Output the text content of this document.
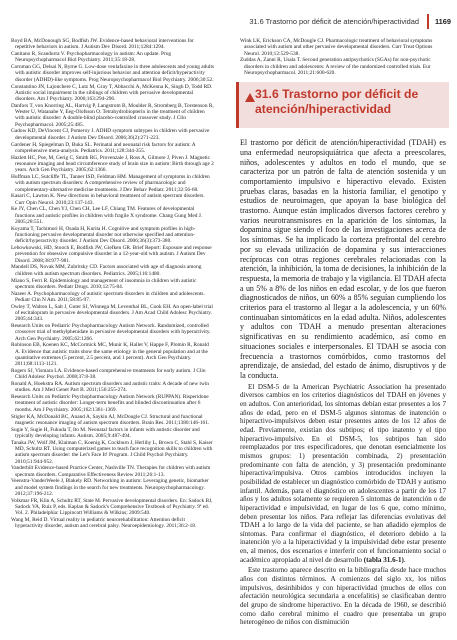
31.6 Trastorno por déficit de atención/hiperactividad 1169

Boyd BA, McDonough SG, Bodfish JW. Evidence-based behavioral interventions for repetitive behaviors in autism. J Autism Dev Disord. 2011;1284:1294.

Canitano R, Scandurra V. Psychopharmacology in autism: An update. Prog Neuropsychopharmacol Biol Psychiatry. 2011;35:18-28.

Cornman GG, Delsai N, Byrne G. Low-dose venlafaxine in three adolescents and young adults with autistic disorder improves self-injurious behavior and attention deficit/hyperactivity disorder (ADHD)-like symptoms. Prog Neuropsychopharmacol Biol Psychiatry. 2006;30:52.

Constantino JN, Lajonchere C, Lutz M, Gray T, Abbacchi A, McKenna K, Singh D, Todd RD. Autistic social impairment in the siblings of children with pervasive developmental disorders. Am J Psychiatry. 2006;163:294-296.

Danfors T, von Knorring AL, Hartvig P, Langstrom B, Moulder R, Stromberg B, Torstenson R, Wester U, Watanabe Y, Eeg-Olofsson O. Tetrahydrobiopterin in the treatment of children with autistic disorder: A double-blind placebo-controlled crossover study. J Clin Psychopharmacol. 2005;25:485.

Gadow KD, DeVincent CJ, Pomeroy J. ADHD symptom subtypes in children with pervasive developmental disorder. J Autism Dev Disord. 2006;36(2):271-223.

Gardener H, Spiegelman D, Buka SL. Perinatal and neonatal risk factors for autism: A comprehensive meta-analysis. Pediatrics. 2011;128:344-355.

Hazlett HC, Poe, M, Gerig C, Smith RG, Provenzale J, Ross A, Gilmore J, Piven J. Magnetic resonance imaging and head circumference study of brain size in autism: Birth through age 2 years. Arch Gen Psychiatry. 2005;62:1366.

Huffman LC, Sutcliffe TL, Tanner ISD, Feldman HM. Management of symptoms in children with autism spectrum disorders: A comprehensive review of pharmacologic and complementary-alternative medicine treatments. J Dev Behav Pediatr. 2011;32:56-68.

Kasari C, Lawton K. New directions in behavioral treatment of autism spectrum disorders. Curr Opin Neurol. 2010;23:137-143.

Ke JY, Chen CL, Chen YJ, Chen CH, Lee LF, Chiang TM. Features of developmental functions and autistic profiles in children with fragile X syndrome. Chang Gung Med J. 2005;28:551.

Koyama T, Tachimori H, Osada H, Kurita H. Cognitive and symptom profiles in high-functioning pervasive developmental disorder not otherwise specified and attention-deficit/hyperactivity disorder. J Autism Dev Disord. 2006;36(3):373-380.

Lebowkowski, HD, Stooch E, Bodfish JW, Giefken GR. Brief Report: Exposure and response prevention for obsessive compulsive disorder in a 12-year-old with autism. J Autism Dev Disord. 2008;38:977-981.

Mandell DS, Novak MM, Zubritsky CD. Factors associated with age of diagnosis among children with autism spectrum disorders. Pediatrics. 2005;116:1480.

Miano S, Ferri R. Epidemiology and management of insomnia in children with autistic spectrum disorders. Pediatr Drugs. 2010;12:75-84.

Nazeer A. Psychopharmacology of autistic spectrum disorders in children and adolescents. Pediatr Clin N Am. 2011;58:85-97.

Owley T, Walton L, Salt J, Guter SJ, Winnega M, Leventhal BL, Cook EH. An open-label trial of escitalopram in pervasive developmental disorders. J Am Acad Child Adolesc Psychiatry. 2005;44:343.

Research Units on Pediatric Psychopharmacology Autism Network. Randomized, controlled crossover trial of methylphenidate in pervasive developmental disorders with hyperactivity. Arch Gen Psychiatry. 2005;62:1266.

Robinson EB, Koenen KC, McCormick MC, Munir K, Hallet V, Happe F, Plomin R, Ronald A. Evidence that autistic traits show the same etiology in the general population and at the quantitative extremes (5 percent, 2.5 percent, and 1 percent). Arch Gen Psychiatry. 2011;68:1113-1121.

Rogers SJ, Vismara LA. Evidence-based comprehensive treatments for early autism. J Clin Child Adolesc Psychol. 2008;37:8-38.

Ronald A, Hoekstra RA. Autism spectrum disorders and autistic traits: A decade of new twin studies. Am J Med Genet Part B. 2011;156:255-274.

Research Units on Pediatric Psychopharmacology Autism Network (RUPPAN). Risperidone treatment of autistic disorder: Longer-term benefits and blinded discontinuation after 6 months. Am J Psychiatry. 2005;162:1361-1369.

Stigler KA, McDonald BC, Anand A, Saykin AJ, McDougle CJ. Structural and functional magnetic resonance imaging of autism spectrum disorders. Brain Res. 2011;1380:146-161.

Sugie Y, Sugie H, Fukuda T, Ito M. Neonatal factors in infants with autistic disorder and typically developing infants. Autism. 2005;9:487-494.

Tanaka JW, Wolf JM, Klaiman C, Koenig K, Cockburn J, Herlihy L, Brown C, Stahl S, Kaiser MD, Schultz RT. Using computerized games to teach face recognition skills to children with autism spectrum disorder: the Let's Face It! Program. J Child Psychol Psychiatry. 2010;51:944-952.

Vanderbilt Evidence-based Practice Center, Nashville TN. Therapies for children with autism spectrum disorders. Comparative Effectiveness Review 2011;26:1-13.

Veenstra-VanderWeele J, Blakely RD. Networking in autism: Leveraging genetic, biomarker and model system findings in the search for new treatments. Neuropsychopharmacology. 2012;37:196-212.

Volkmar FR, Klin A, Schultz RT, State M. Pervasive developmental disorders. En: Sadock BJ, Sadock VA, Ruiz P, eds. Kaplan & Sadock's Comprehensive Textbook of Psychiatry. 9ª ed. Vol. 2. Philadelphia: Lippincott Williams & Wilkins; 2009:540.

Wang M, Reid D. Virtual reality in pediatric neurorehabilitation: Attention deficit hyperactivity disorder, autism and cerebral palsy. Neuroepidemiology. 2011;36:2-18.

Wink LK, Erickson CA, McDougle CJ. Pharmacologic treatment of behavioral symptoms associated with autism and other pervasive developmental disorders. Curr Treat Options Neurol. 2010;12:529-538.

Zuddas A, Zanni R, Usala T. Second generation antipsychotics (SGAs) for non-psychotic disorders in children and adolescents: A review of the randomized controlled trials. Eur Neuropsychopharmacol. 2011;21:600-620.

31.6 Trastorno por déficit de atención/hiperactividad

El trastorno por déficit de atención/hiperactividad (TDAH) es una enfermedad neuropsiquiátrica que afecta a preescolares, niños, adolescentes y adultos en todo el mundo, que se caracteriza por un patrón de falta de atención sostenida y un comportamiento impulsivo e hiperactivo elevado. Existen pruebas claras, basadas en la historia familiar, el genotipo y estudios de neuroimagen, que apoyan la base biológica del trastorno. Aunque están implicados diversos factores cerebro y varios neurotransmisores en la aparición de los síntomas, la dopamina sigue siendo el foco de las investigaciones acerca de los síntomas. Se ha implicado la corteza prefrontal del cerebro por su elevada utilización de dopamina y sus interacciones recíprocas con otras regiones cerebrales relacionadas con la atención, la inhibición, la toma de decisiones, la inhibición de la respuesta, la memoria de trabajo y la vigilancia. El TDAH afecta a un 5% a 8% de los niños en edad escolar, y de los que fueron diagnosticados de niños, un 60% a 85% seguían cumpliendo los criterios para el trastorno al llegar a la adolescencia, y un 60% continuaban sintomáticos en la edad adulta. Niños, adolescentes y adultos con TDAH a menudo presentan alteraciones significativas en su rendimiento académico, así como en situaciones sociales e interpersonales. El TDAH se asocia con frecuencia a trastornos comórbidos, como trastornos del aprendizaje, de ansiedad, del estado de ánimo, disruptivos y de la conducta.

El DSM-5 de la American Psychiatric Association ha presentado diversos cambios en los criterios diagnósticos del TDAH en jóvenes y en adultos. Con anterioridad, los síntomas debían estar presentes a los 7 años de edad, pero en el DSM-5 algunos síntomas de inatención o hiperactivo-impulsivos deben estar presentes antes de los 12 años de edad. Previamente, existían dos subtipos; el tipo inatento y el tipo hiperactivo-impulsivo. En el DSM-5, los subtipos han sido reemplazados por tres especificadores, que denotan esencialmente los mismos grupos: 1) presentación combinada, 2) presentación predominante con falta de atención, y 3) presentación predominante hiperactiva/impulsiva. Otros cambios introducidos incluyen la posibilidad de establecer un diagnóstico comórbido de TDAH y autismo infantil. Además, para el diagnóstico en adolescentes a partir de los 17 años y los adultos solamente se requieren 5 síntomas de inatención o de hiperactividad e impulsividad, en lugar de los 6 que, como mínimo, deben presentar los niños. Para reflejar las diferencias evolutivas del TDAH a lo largo de la vida del paciente, se han añadido ejemplos de síntomas. Para confirmar el diagnóstico, el deterioro debido a la inatención y/o a la hiperactividad y la impulsividad debe estar presente en, al menos, dos escenarios e interferir con el funcionamiento social o académico apropiado al nivel de desarrollo (tabla 31.6-1).

Este trastorno aparece descrito en la bibliografía desde hace muchos años con distintos términos. A comienzos del siglo xx, los niños impulsivos, desinhibidos y con hiperactividad (muchos de ellos con afectación neurológica secundaria a encefalitis) se clasificaban dentro del grupo de síndrome hiperactivo. En la década de 1960, se describió como daño cerebral mínimo el cuadro que presentaba un grupo heterogéneo de niños con disminución
